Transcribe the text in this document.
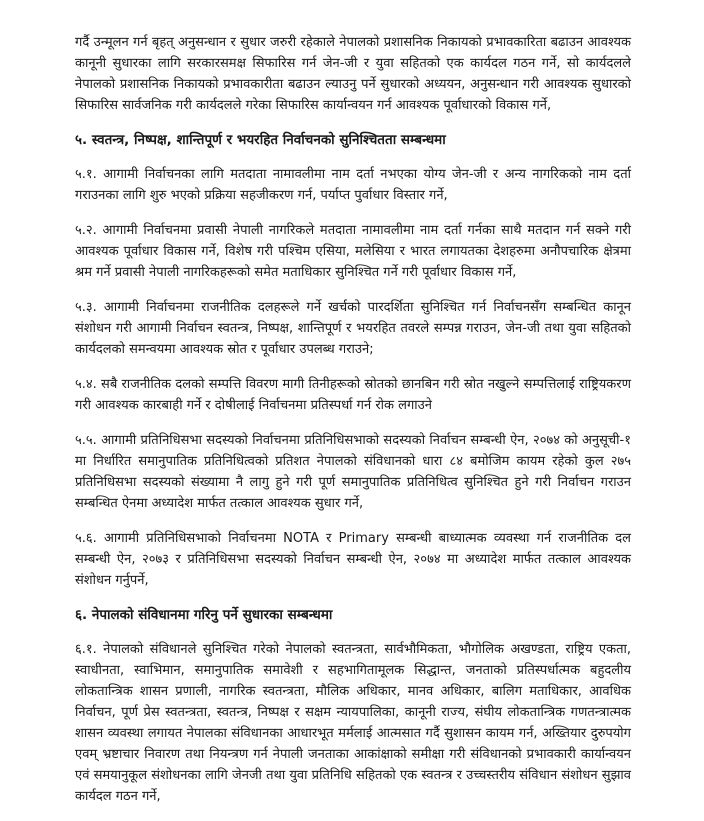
गर्दै उन्मूलन गर्न बृहत् अनुसन्धान र सुधार जरुरी रहेकाले नेपालको प्रशासनिक निकायको प्रभावकारिता बढाउन आवश्यक कानूनी सुधारका लागि सरकारसमक्ष सिफारिस गर्न जेन-जी र युवा सहितको एक कार्यदल गठन गर्ने, सो कार्यदलले नेपालको प्रशासनिक निकायको प्रभावकारीता बढाउन ल्याउनु पर्ने सुधारको अध्ययन, अनुसन्धान गरी आवश्यक सुधारको सिफारिस सार्वजनिक गरी कार्यदलले गरेका सिफारिस कार्यान्वयन गर्न आवश्यक पूर्वाधारको विकास गर्ने,

५. स्वतन्त्र, निष्पक्ष, शान्तिपूर्ण र भयरहित निर्वाचनको सुनिश्चितता सम्बन्धमा

५.१. आगामी निर्वाचनका लागि मतदाता नामावलीमा नाम दर्ता नभएका योग्य जेन-जी र अन्य नागरिकको नाम दर्ता गराउनका लागि शुरु भएको प्रक्रिया सहजीकरण गर्न, पर्याप्त पुर्वाधार विस्तार गर्ने,

५.२. आगामी निर्वाचनमा प्रवासी नेपाली नागरिकले मतदाता नामावलीमा नाम दर्ता गर्नका साथै मतदान गर्न सक्ने गरी आवश्यक पूर्वाधार विकास गर्ने, विशेष गरी पश्चिम एसिया, मलेसिया र भारत लगायतका देशहरुमा अनौपचारिक क्षेत्रमा श्रम गर्ने प्रवासी नेपाली नागरिकहरूको समेत मताधिकार सुनिश्चित गर्ने गरी पूर्वाधार विकास गर्ने,

५.३. आगामी निर्वाचनमा राजनीतिक दलहरूले गर्ने खर्चको पारदर्शिता सुनिश्चित गर्न निर्वाचनसँग सम्बन्धित कानून संशोधन गरी आगामी निर्वाचन स्वतन्त्र, निष्पक्ष, शान्तिपूर्ण र भयरहित तवरले सम्पन्न गराउन, जेन-जी तथा युवा सहितको कार्यदलको समन्वयमा आवश्यक स्रोत र पूर्वाधार उपलब्ध गराउने;

५.४. सबै राजनीतिक दलको सम्पत्ति विवरण मागी तिनीहरूको स्रोतको छानबिन गरी स्रोत नखुल्ने सम्पत्तिलाई राष्ट्रियकरण गरी आवश्यक कारबाही गर्ने र दोषीलाई निर्वाचनमा प्रतिस्पर्धा गर्न रोक लगाउने

५.५. आगामी प्रतिनिधिसभा सदस्यको निर्वाचनमा प्रतिनिधिसभाको सदस्यको निर्वाचन सम्बन्धी ऐन, २०७४ को अनुसूची-१ मा निर्धारित समानुपातिक प्रतिनिधित्वको प्रतिशत नेपालको संविधानको धारा ८४ बमोजिम कायम रहेको कुल २७५ प्रतिनिधिसभा सदस्यको संख्यामा नै लागु हुने गरी पूर्ण समानुपातिक प्रतिनिधित्व सुनिश्चित हुने गरी निर्वाचन गराउन सम्बन्धित ऐनमा अध्यादेश मार्फत तत्काल आवश्यक सुधार गर्ने,

५.६. आगामी प्रतिनिधिसभाको निर्वाचनमा NOTA र Primary सम्बन्धी बाध्यात्मक व्यवस्था गर्न राजनीतिक दल सम्बन्धी ऐन, २०७३ र प्रतिनिधिसभा सदस्यको निर्वाचन सम्बन्धी ऐन, २०७४ मा अध्यादेश मार्फत तत्काल आवश्यक संशोधन गर्नुपर्ने,

६. नेपालको संविधानमा गरिनु पर्ने सुधारका सम्बन्धमा

६.१. नेपालको संविधानले सुनिश्चित गरेको नेपालको स्वतन्त्रता, सार्वभौमिकता, भौगोलिक अखण्डता, राष्ट्रिय एकता, स्वाधीनता, स्वाभिमान, समानुपातिक समावेशी र सहभागितामूलक सिद्धान्त, जनताको प्रतिस्पर्धात्मक बहुदलीय लोकतान्त्रिक शासन प्रणाली, नागरिक स्वतन्त्रता, मौलिक अधिकार, मानव अधिकार, बालिग मताधिकार, आवधिक निर्वाचन, पूर्ण प्रेस स्वतन्त्रता, स्वतन्त्र, निष्पक्ष र सक्षम न्यायपालिका, कानूनी राज्य, संघीय लोकतान्त्रिक गणतन्त्रात्मक शासन व्यवस्था लगायत नेपालका संविधानका आधारभूत मर्मलाई आत्मसात गर्दै सुशासन कायम गर्न, अख्तियार दुरुपयोग एवम् भ्रष्टाचार निवारण तथा नियन्त्रण गर्न नेपाली जनताका आकांक्षाको समीक्षा गरी संविधानको प्रभावकारी कार्यान्वयन एवं समयानुकूल संशोधनका लागि जेनजी तथा युवा प्रतिनिधि सहितको एक स्वतन्त्र र उच्चस्तरीय संविधान संशोधन सुझाव कार्यदल गठन गर्ने,
